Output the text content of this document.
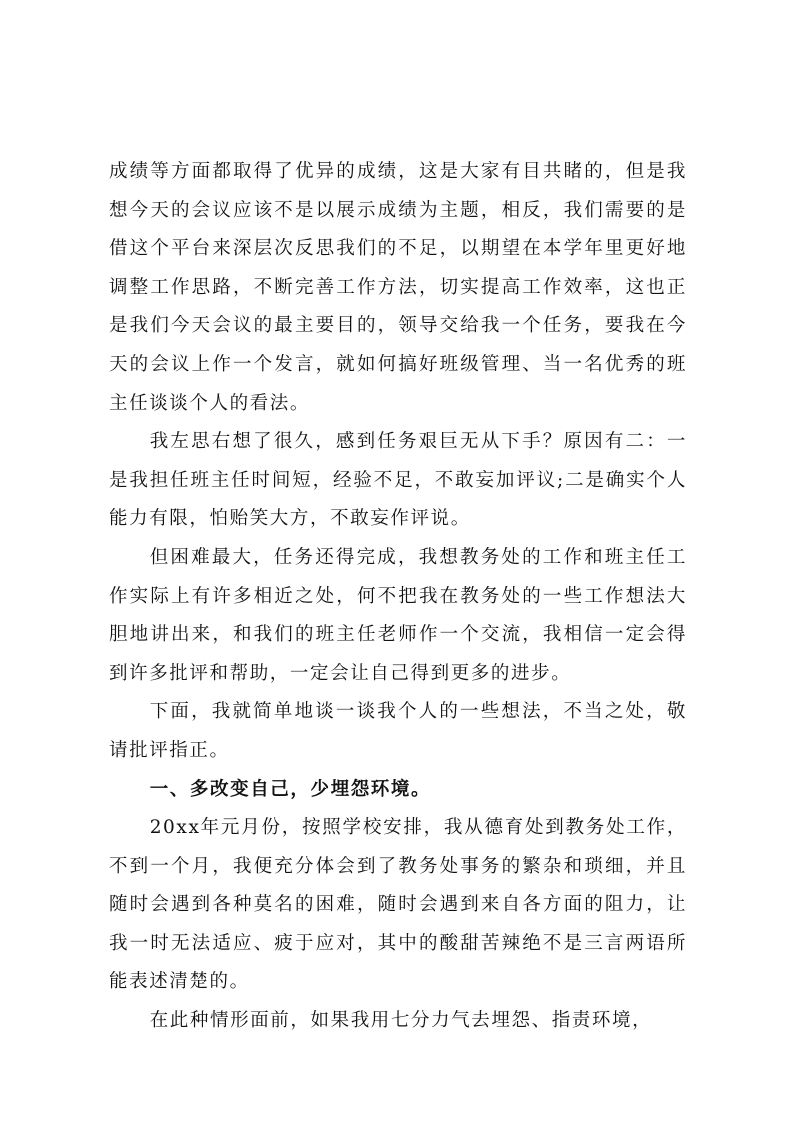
成绩等方面都取得了优异的成绩，这是大家有目共睹的，但是我想今天的会议应该不是以展示成绩为主题，相反，我们需要的是借这个平台来深层次反思我们的不足，以期望在本学年里更好地调整工作思路，不断完善工作方法，切实提高工作效率，这也正是我们今天会议的最主要目的，领导交给我一个任务，要我在今天的会议上作一个发言，就如何搞好班级管理、当一名优秀的班主任谈谈个人的看法。

我左思右想了很久，感到任务艰巨无从下手？原因有二：一是我担任班主任时间短，经验不足，不敢妄加评议;二是确实个人能力有限，怕贻笑大方，不敢妄作评说。

但困难最大，任务还得完成，我想教务处的工作和班主任工作实际上有许多相近之处，何不把我在教务处的一些工作想法大胆地讲出来，和我们的班主任老师作一个交流，我相信一定会得到许多批评和帮助，一定会让自己得到更多的进步。

下面，我就简单地谈一谈我个人的一些想法，不当之处，敬请批评指正。

一、多改变自己，少埋怨环境。

20xx年元月份，按照学校安排，我从德育处到教务处工作，不到一个月，我便充分体会到了教务处事务的繁杂和琐细，并且随时会遇到各种莫名的困难，随时会遇到来自各方面的阻力，让我一时无法适应、疲于应对，其中的酸甜苦辣绝不是三言两语所能表述清楚的。

在此种情形面前，如果我用七分力气去埋怨、指责环境，
